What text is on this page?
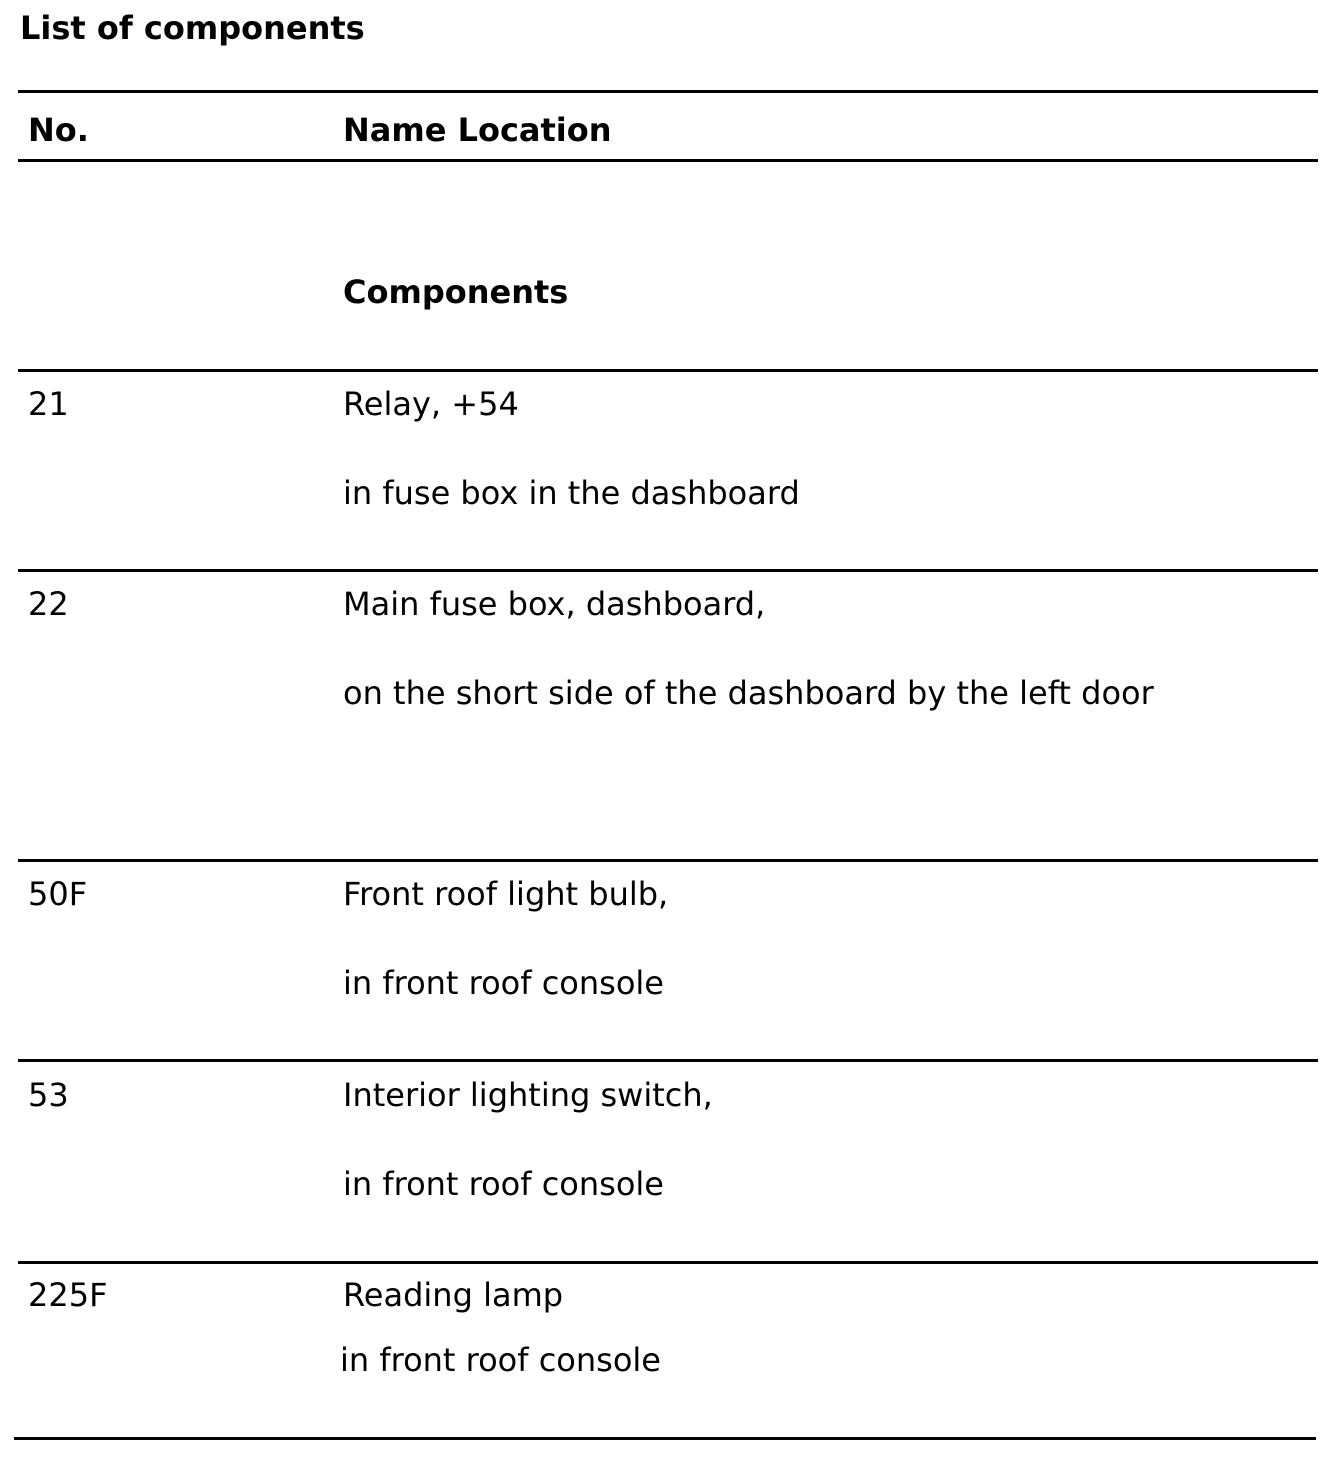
List of components
No.	Name Location
Components
21	Relay, +54
in fuse box in the dashboard
22	Main fuse box, dashboard,
on the short side of the dashboard by the left door
50F	Front roof light bulb,
in front roof console
53	Interior lighting switch,
in front roof console
225F	Reading lamp
in front roof console
